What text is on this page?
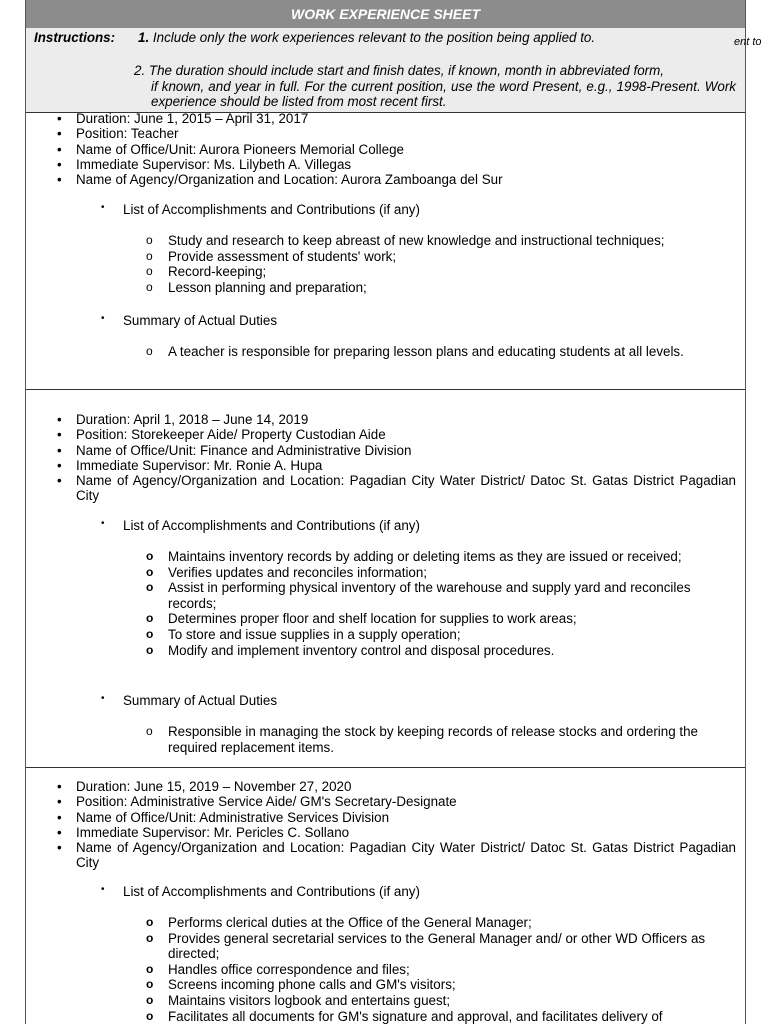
WORK EXPERIENCE SHEET
Instructions: 1. Include only the work experiences relevant to the position being applied to.
2. The duration should include start and finish dates, if known, month in abbreviated form,
if known, and year in full. For the current position, use the word Present, e.g., 1998-Present. Work experience should be listed from most recent first.
• Duration: June 1, 2015 – April 31, 2017
• Position: Teacher
• Name of Office/Unit: Aurora Pioneers Memorial College
• Immediate Supervisor: Ms. Lilybeth A. Villegas
• Name of Agency/Organization and Location: Aurora Zamboanga del Sur
• List of Accomplishments and Contributions (if any)
o Study and research to keep abreast of new knowledge and instructional techniques;
o Provide assessment of students' work;
o Record-keeping;
o Lesson planning and preparation;
• Summary of Actual Duties
o A teacher is responsible for preparing lesson plans and educating students at all levels.
• Duration: April 1, 2018 – June 14, 2019
• Position: Storekeeper Aide/ Property Custodian Aide
• Name of Office/Unit: Finance and Administrative Division
• Immediate Supervisor: Mr. Ronie A. Hupa
• Name of Agency/Organization and Location: Pagadian City Water District/ Datoc St. Gatas District Pagadian City
• List of Accomplishments and Contributions (if any)
o Maintains inventory records by adding or deleting items as they are issued or received;
o Verifies updates and reconciles information;
o Assist in performing physical inventory of the warehouse and supply yard and reconciles records;
o Determines proper floor and shelf location for supplies to work areas;
o To store and issue supplies in a supply operation;
o Modify and implement inventory control and disposal procedures.
• Summary of Actual Duties
o Responsible in managing the stock by keeping records of release stocks and ordering the required replacement items.
• Duration: June 15, 2019 – November 27, 2020
• Position: Administrative Service Aide/ GM's Secretary-Designate
• Name of Office/Unit: Administrative Services Division
• Immediate Supervisor: Mr. Pericles C. Sollano
• Name of Agency/Organization and Location: Pagadian City Water District/ Datoc St. Gatas District Pagadian City
• List of Accomplishments and Contributions (if any)
o Performs clerical duties at the Office of the General Manager;
o Provides general secretarial services to the General Manager and/ or other WD Officers as directed;
o Handles office correspondence and files;
o Screens incoming phone calls and GM's visitors;
o Maintains visitors logbook and entertains guest;
o Facilitates all documents for GM's signature and approval, and facilitates delivery of
ent to
